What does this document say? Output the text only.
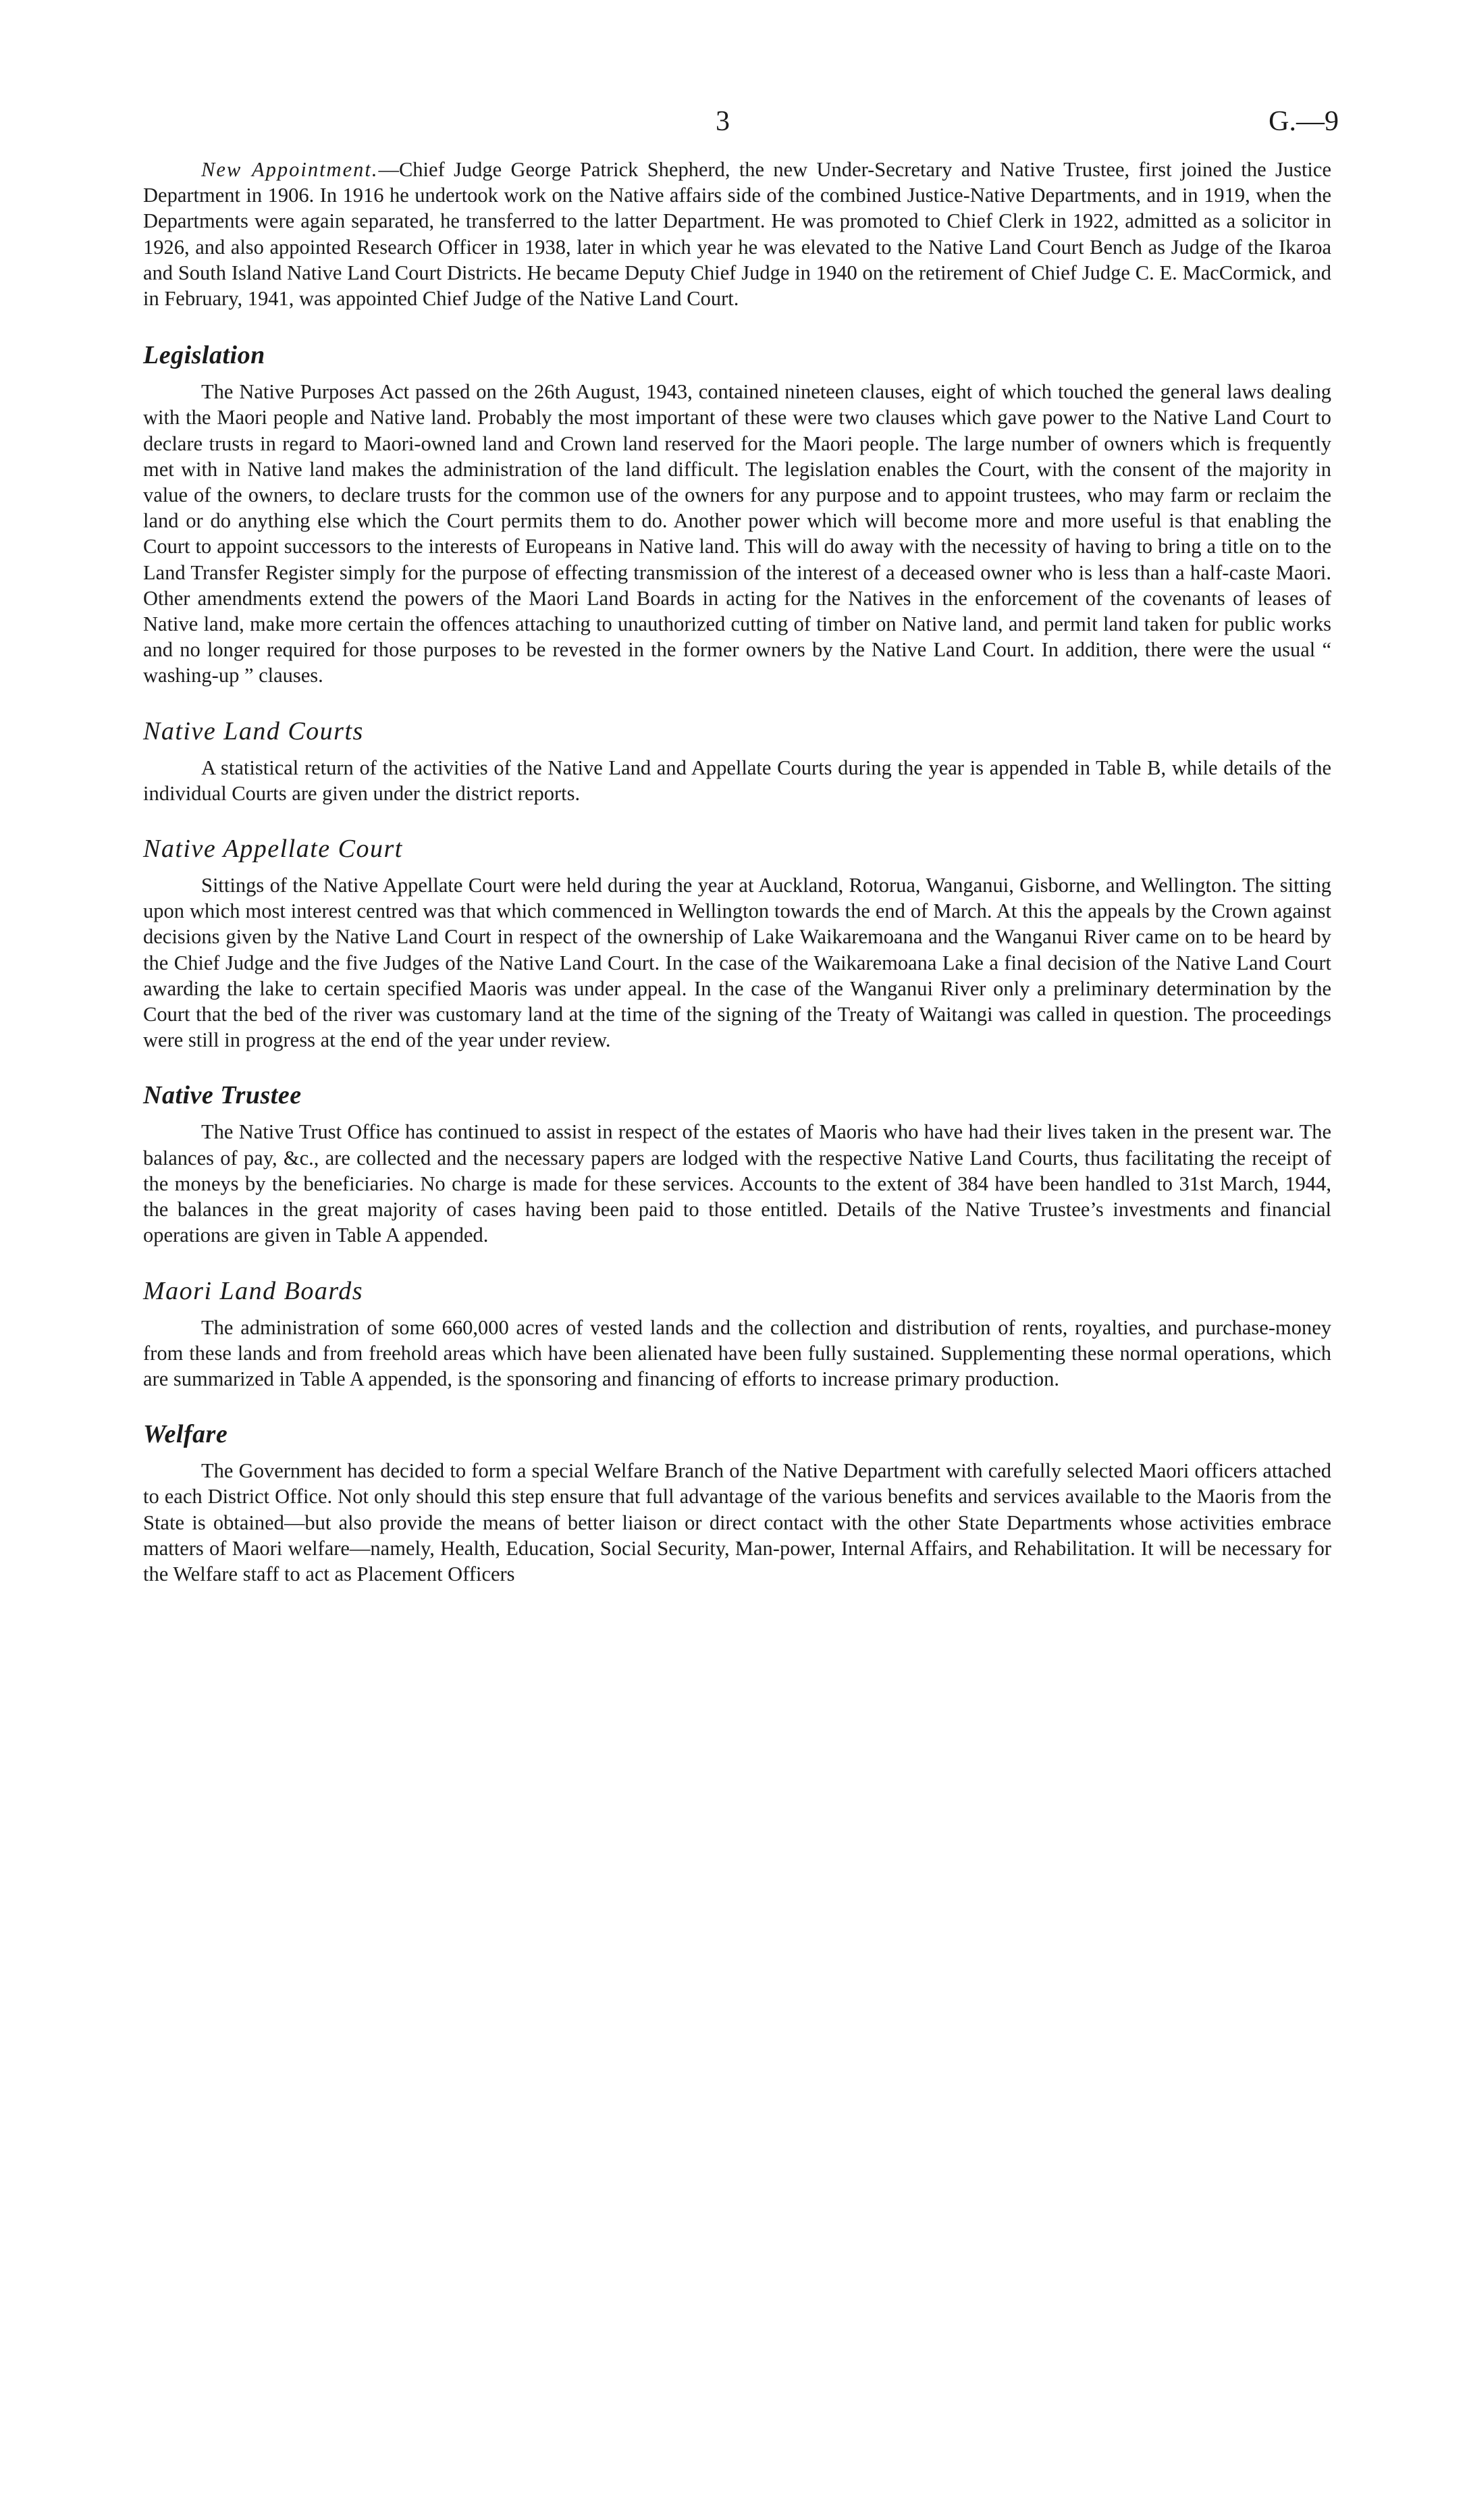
3	G.—9

New Appointment.—Chief Judge George Patrick Shepherd, the new Under-Secretary and Native Trustee, first joined the Justice Department in 1906. In 1916 he undertook work on the Native affairs side of the combined Justice-Native Departments, and in 1919, when the Departments were again separated, he transferred to the latter Department. He was promoted to Chief Clerk in 1922, admitted as a solicitor in 1926, and also appointed Research Officer in 1938, later in which year he was elevated to the Native Land Court Bench as Judge of the Ikaroa and South Island Native Land Court Districts. He became Deputy Chief Judge in 1940 on the retirement of Chief Judge C. E. MacCormick, and in February, 1941, was appointed Chief Judge of the Native Land Court.

Legislation

The Native Purposes Act passed on the 26th August, 1943, contained nineteen clauses, eight of which touched the general laws dealing with the Maori people and Native land. Probably the most important of these were two clauses which gave power to the Native Land Court to declare trusts in regard to Maori-owned land and Crown land reserved for the Maori people. The large number of owners which is frequently met with in Native land makes the administration of the land difficult. The legislation enables the Court, with the consent of the majority in value of the owners, to declare trusts for the common use of the owners for any purpose and to appoint trustees, who may farm or reclaim the land or do anything else which the Court permits them to do. Another power which will become more and more useful is that enabling the Court to appoint successors to the interests of Europeans in Native land. This will do away with the necessity of having to bring a title on to the Land Transfer Register simply for the purpose of effecting transmission of the interest of a deceased owner who is less than a half-caste Maori. Other amendments extend the powers of the Maori Land Boards in acting for the Natives in the enforcement of the covenants of leases of Native land, make more certain the offences attaching to unauthorized cutting of timber on Native land, and permit land taken for public works and no longer required for those purposes to be revested in the former owners by the Native Land Court. In addition, there were the usual “ washing-up ” clauses.

Native Land Courts

A statistical return of the activities of the Native Land and Appellate Courts during the year is appended in Table B, while details of the individual Courts are given under the district reports.

Native Appellate Court

Sittings of the Native Appellate Court were held during the year at Auckland, Rotorua, Wanganui, Gisborne, and Wellington. The sitting upon which most interest centred was that which commenced in Wellington towards the end of March. At this the appeals by the Crown against decisions given by the Native Land Court in respect of the ownership of Lake Waikaremoana and the Wanganui River came on to be heard by the Chief Judge and the five Judges of the Native Land Court. In the case of the Waikaremoana Lake a final decision of the Native Land Court awarding the lake to certain specified Maoris was under appeal. In the case of the Wanganui River only a preliminary determination by the Court that the bed of the river was customary land at the time of the signing of the Treaty of Waitangi was called in question. The proceedings were still in progress at the end of the year under review.

Native Trustee

The Native Trust Office has continued to assist in respect of the estates of Maoris who have had their lives taken in the present war. The balances of pay, &c., are collected and the necessary papers are lodged with the respective Native Land Courts, thus facilitating the receipt of the moneys by the beneficiaries. No charge is made for these services. Accounts to the extent of 384 have been handled to 31st March, 1944, the balances in the great majority of cases having been paid to those entitled. Details of the Native Trustee’s investments and financial operations are given in Table A appended.

Maori Land Boards

The administration of some 660,000 acres of vested lands and the collection and distribution of rents, royalties, and purchase-money from these lands and from freehold areas which have been alienated have been fully sustained. Supplementing these normal operations, which are summarized in Table A appended, is the sponsoring and financing of efforts to increase primary production.

Welfare

The Government has decided to form a special Welfare Branch of the Native Department with carefully selected Maori officers attached to each District Office. Not only should this step ensure that full advantage of the various benefits and services available to the Maoris from the State is obtained—but also provide the means of better liaison or direct contact with the other State Departments whose activities embrace matters of Maori welfare—namely, Health, Education, Social Security, Man-power, Internal Affairs, and Rehabilitation. It will be necessary for the Welfare staff to act as Placement Officers
